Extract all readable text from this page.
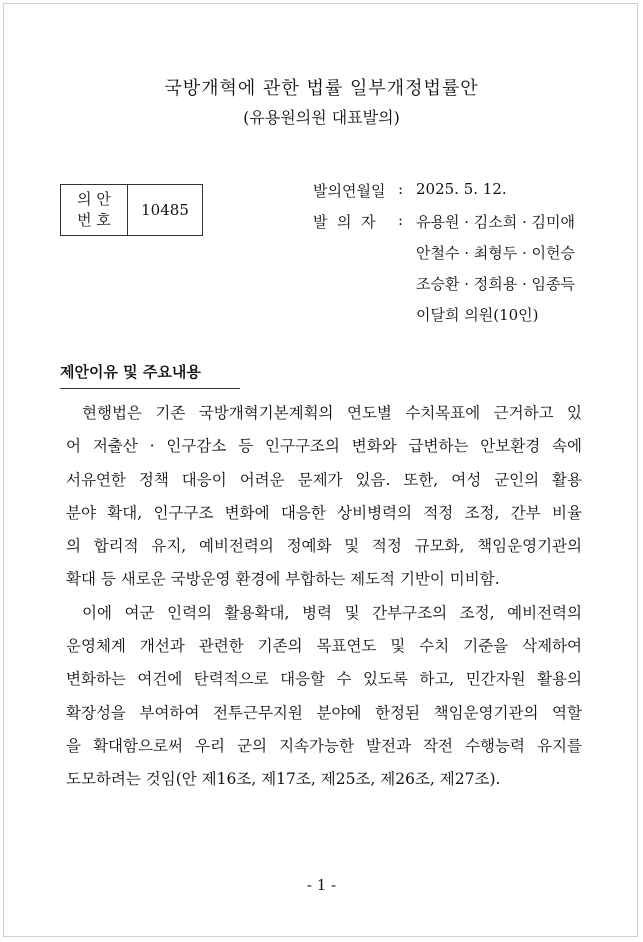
국방개혁에 관한 법률 일부개정법률안
(유용원의원 대표발의)
의 안
번 호
	10485
발의연월일 : 2025. 5. 12.
발  의  자	: 유용원 · 김소희 · 김미애
안철수 · 최형두 · 이헌승
조승환 · 정희용 · 임종득
이달희 의원(10인)
제안이유 및 주요내용
현행법은 기존 국방개혁기본계획의 연도별 수치목표에 근거하고 있
어 저출산 · 인구감소 등 인구구조의 변화와 급변하는 안보환경 속에
서유연한 정책 대응이 어려운 문제가 있음. 또한, 여성 군인의 활용
분야 확대, 인구구조 변화에 대응한 상비병력의 적정 조정, 간부 비율
의 합리적 유지, 예비전력의 정예화 및 적정 규모화, 책임운영기관의
확대 등 새로운 국방운영 환경에 부합하는 제도적 기반이 미비함.
이에 여군 인력의 활용확대, 병력 및 간부구조의 조정, 예비전력의
운영체계 개선과 관련한 기존의 목표연도 및 수치 기준을 삭제하여
변화하는 여건에 탄력적으로 대응할 수 있도록 하고, 민간자원 활용의
확장성을 부여하여 전투근무지원 분야에 한정된 책임운영기관의 역할
을 확대함으로써 우리 군의 지속가능한 발전과 작전 수행능력 유지를
도모하려는 것임(안 제16조, 제17조, 제25조, 제26조, 제27조).
- 1 -
